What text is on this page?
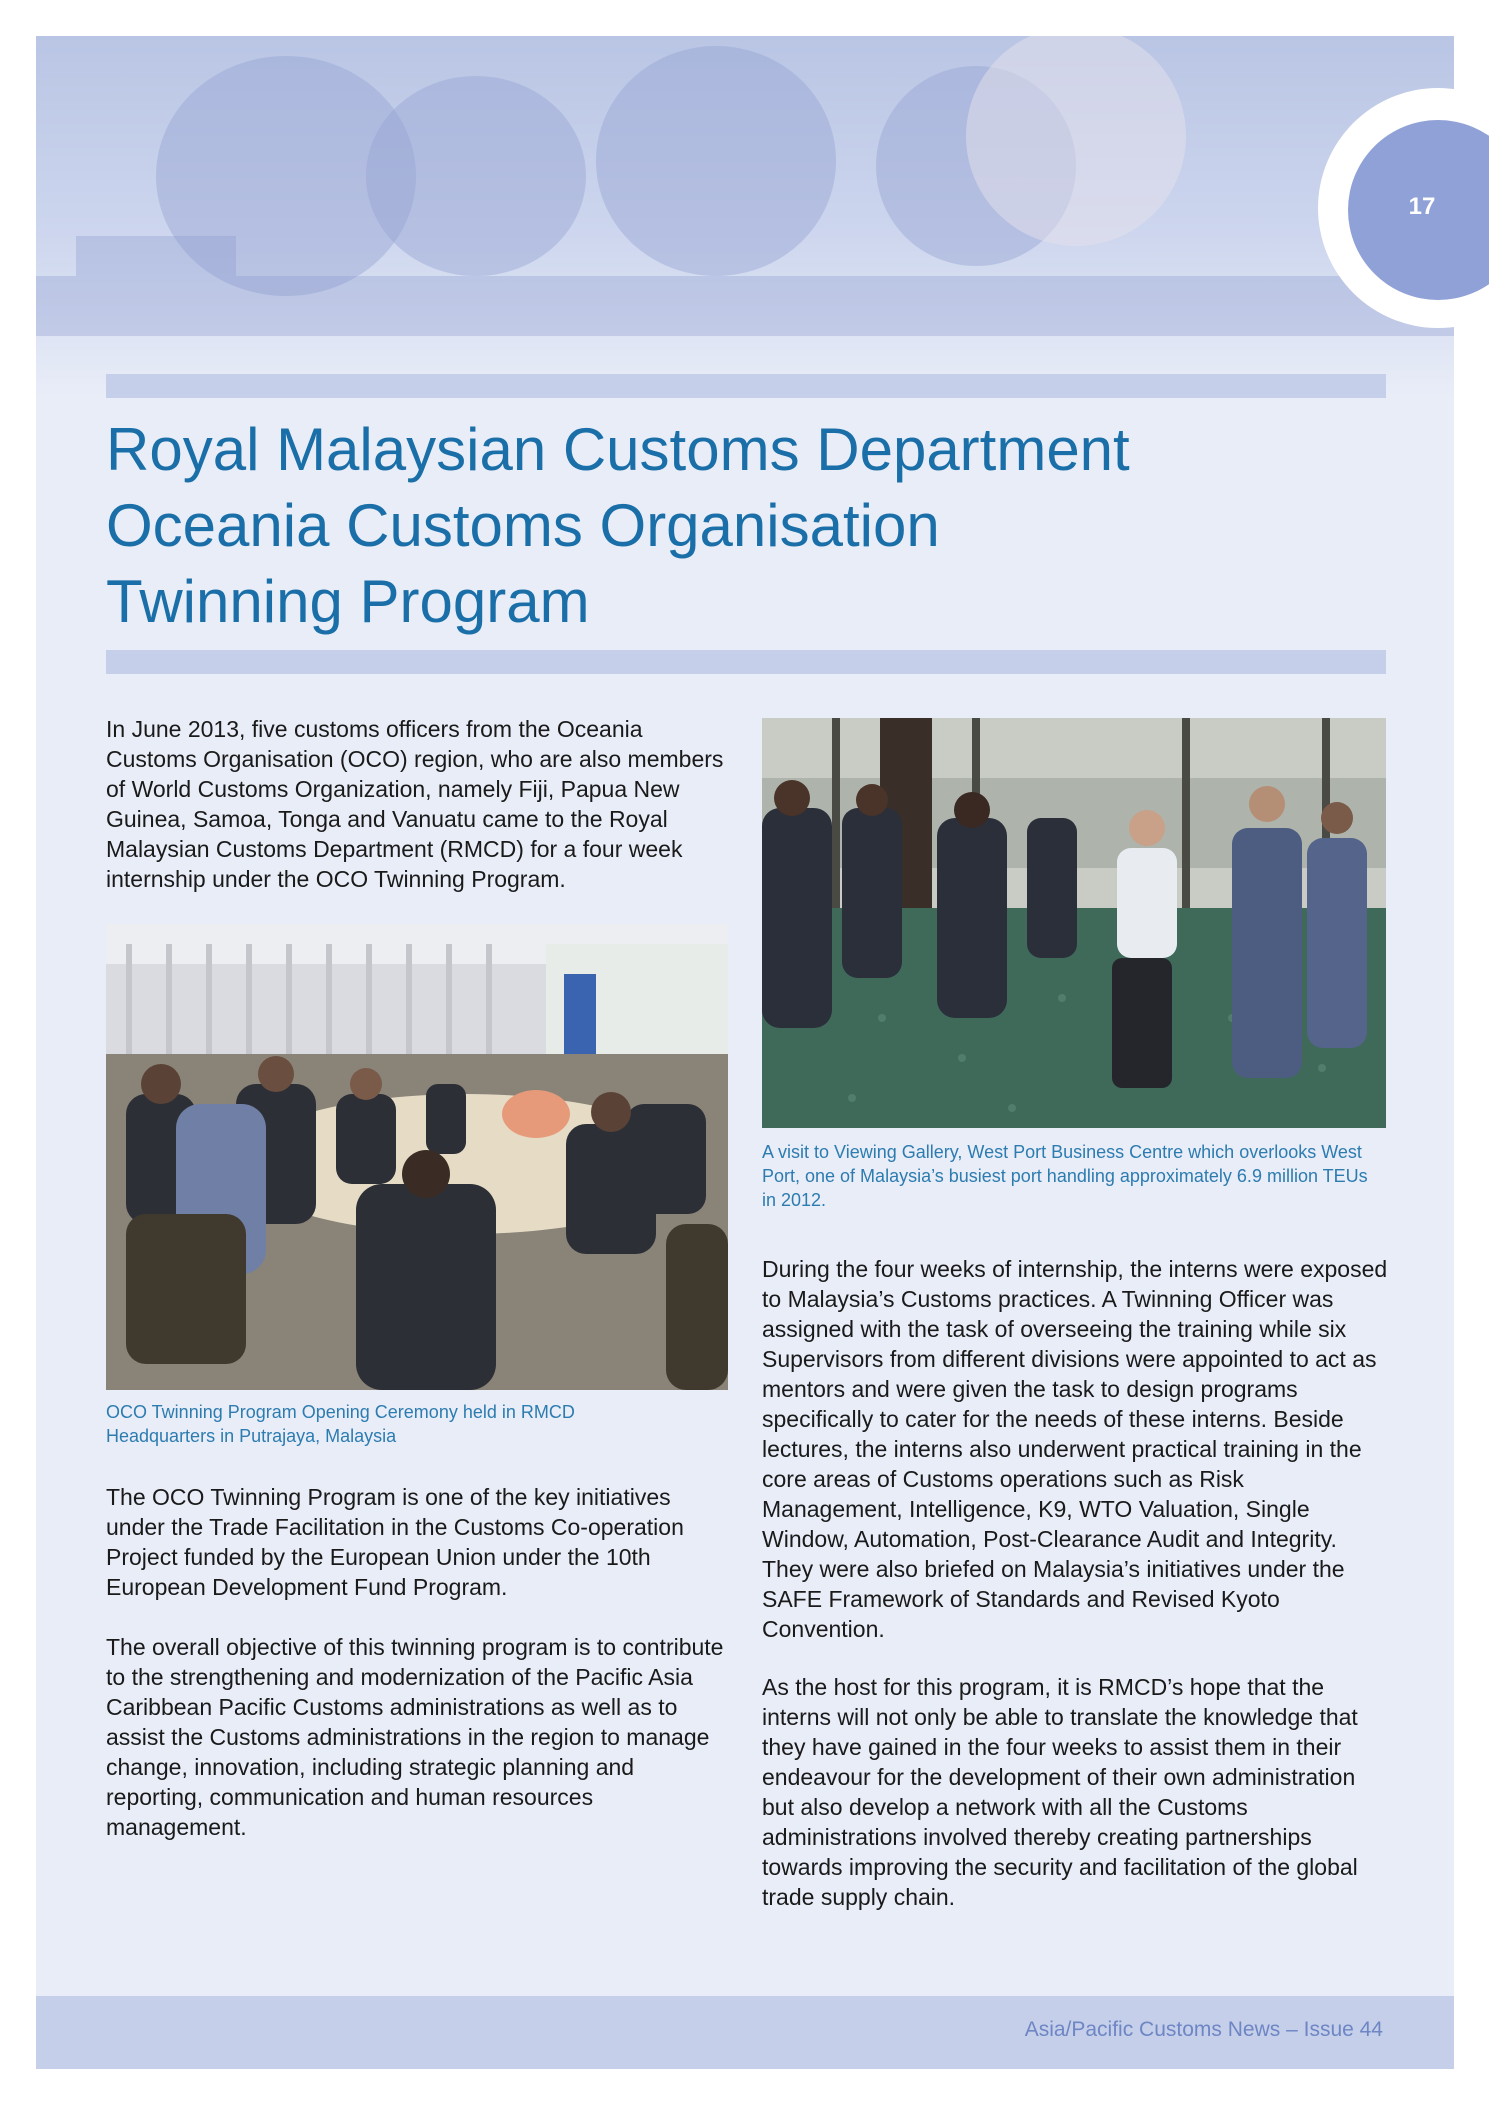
17
Royal Malaysian Customs Department
Oceania Customs Organisation
Twinning Program

In June 2013, five customs officers from the Oceania Customs Organisation (OCO) region, who are also members of World Customs Organization, namely Fiji, Papua New Guinea, Samoa, Tonga and Vanuatu came to the Royal Malaysian Customs Department (RMCD) for a four week internship under the OCO Twinning Program.

OCO Twinning Program Opening Ceremony held in RMCD Headquarters in Putrajaya, Malaysia

The OCO Twinning Program is one of the key initiatives under the Trade Facilitation in the Customs Co-operation Project funded by the European Union under the 10th European Development Fund Program.

The overall objective of this twinning program is to contribute to the strengthening and modernization of the Pacific Asia Caribbean Pacific Customs administrations as well as to assist the Customs administrations in the region to manage change, innovation, including strategic planning and reporting, communication and human resources management.

A visit to Viewing Gallery, West Port Business Centre which overlooks West Port, one of Malaysia’s busiest port handling approximately 6.9 million TEUs in 2012.

During the four weeks of internship, the interns were exposed to Malaysia’s Customs practices. A Twinning Officer was assigned with the task of overseeing the training while six Supervisors from different divisions were appointed to act as mentors and were given the task to design programs specifically to cater for the needs of these interns. Beside lectures, the interns also underwent practical training in the core areas of Customs operations such as Risk Management, Intelligence, K9, WTO Valuation, Single Window, Automation, Post-Clearance Audit and Integrity. They were also briefed on Malaysia’s initiatives under the SAFE Framework of Standards and Revised Kyoto Convention.

As the host for this program, it is RMCD’s hope that the interns will not only be able to translate the knowledge that they have gained in the four weeks to assist them in their endeavour for the development of their own administration but also develop a network with all the Customs administrations involved thereby creating partnerships towards improving the security and facilitation of the global trade supply chain.

Asia/Pacific Customs News – Issue 44
